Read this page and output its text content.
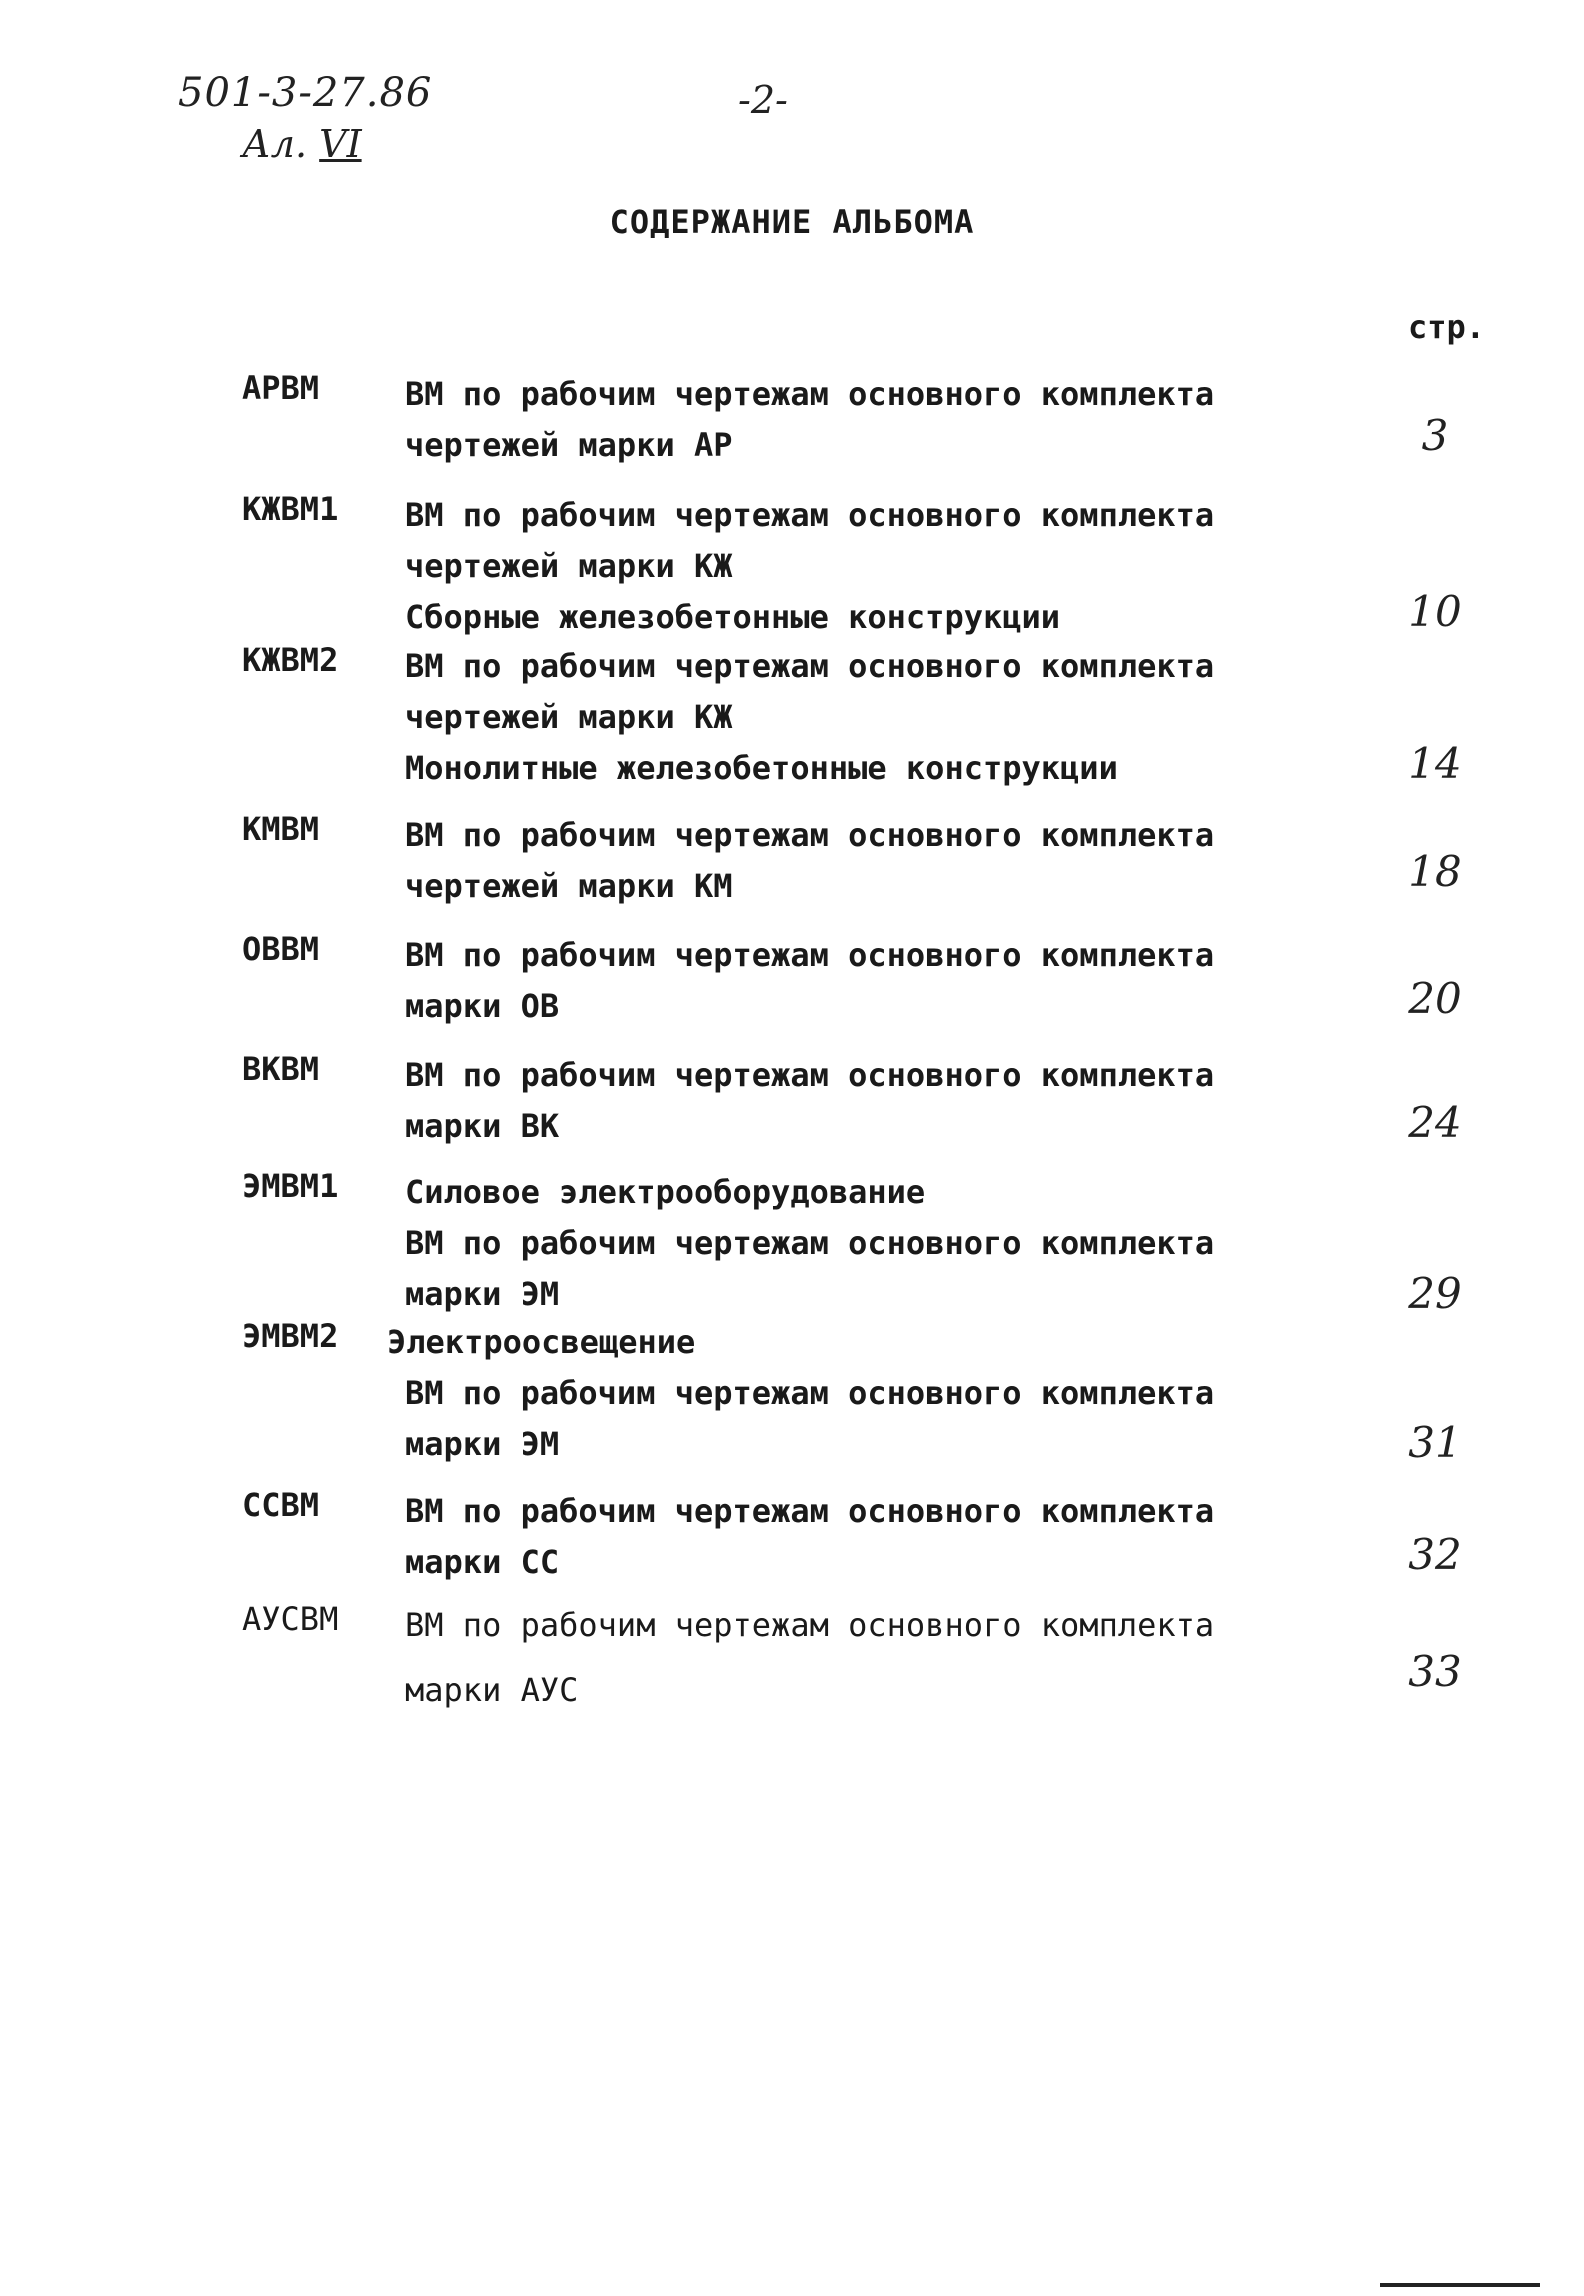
501-3-27.86
Ал. VI
-2-
СОДЕРЖАНИЕ АЛЬБОМА
стр.
АРВМ	ВМ по рабочим чертежам основного комплекта
чертежей марки АР	3
КЖВМ1 ВМ по рабочим чертежам основного комплекта
чертежей марки КЖ
Сборные железобетонные конструкции	10
КЖВМ2 ВМ по рабочим чертежам основного комплекта
чертежей марки КЖ
Монолитные железобетонные конструкции	14
КМВМ	ВМ по рабочим чертежам основного комплекта
чертежей марки КМ	18
ОВВМ	ВМ по рабочим чертежам основного комплекта
марки ОВ	20
ВКВМ	ВМ по рабочим чертежам основного комплекта
марки ВК	24
ЭМВМ1 Силовое электрооборудование
ВМ по рабочим чертежам основного комплекта
марки ЭМ	29
ЭМВМ2 Электроосвещение
ВМ по рабочим чертежам основного комплекта
марки ЭМ	31
ССВМ	ВМ по рабочим чертежам основного комплекта
марки СС	32
АУСВМ ВМ по рабочим чертежам основного комплекта
марки АУС	33
